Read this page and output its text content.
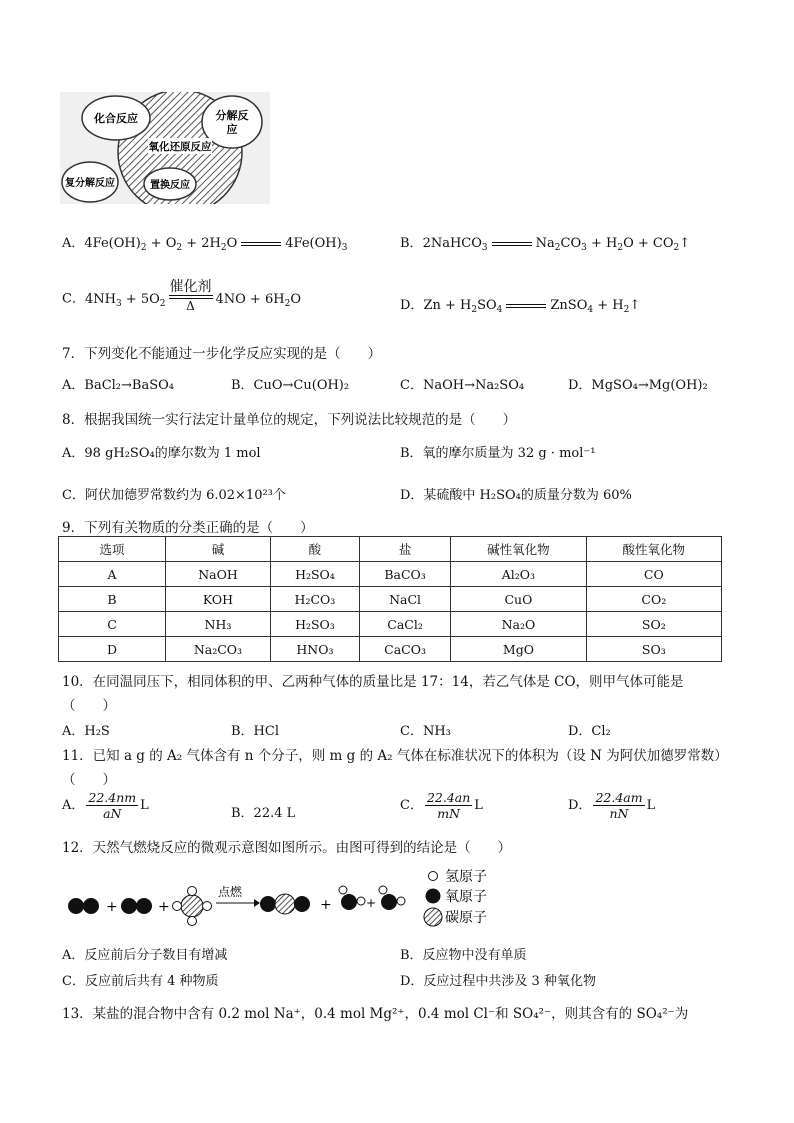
化合反应	分解反应
氧化还原反应
复分解反应	置换反应
A．$4Fe(OH)_2 + O_2 + 2H_2O$	$4Fe(OH)_3$	B．2NaHCO$_3$	$Na_2CO_3 + H_2O$ + $CO_2↑$
C．$4NH_3 + 5O_2$
催化剂
Δ	$4NO + 6H_2O$	D．$Zn + H_2SO_4$	ZnSO$_4$ + $H_2↑$
7．下列变化不能通过一步化学反应实现的是（　　）
A．BaCl₂→BaSO₄	B．CuO→Cu(OH)₂	C．NaOH→Na₂SO₄	D．MgSO₄→Mg(OH)₂
8．根据我国统一实行法定计量单位的规定，下列说法比较规范的是（　　）
A．98 gH₂SO₄的摩尔数为 1 mol	B．氧的摩尔质量为 32 g · mol⁻¹
C．阿伏加德罗常数约为 6.02×10²³个	D．某硫酸中 H₂SO₄的质量分数为 60%
9．下列有关物质的分类正确的是（　　）
选项	碱	酸	盐	碱性氧化物	酸性氧化物
A	NaOH	H₂SO₄	BaCO₃	Al₂O₃	CO
B	KOH	H₂CO₃	NaCl	CuO	CO₂
C	NH₃	H₂SO₃	CaCl₂	Na₂O	SO₂
D	Na₂CO₃	HNO₃	CaCO₃	MgO	SO₃
10．在同温同压下，相同体积的甲、乙两种气体的质量比是 17：14，若乙气体是 CO，则甲气体可能是
（　　）
A．H₂S	B．HCl	C．NH₃	D．Cl₂
11．已知 a g 的 A₂ 气体含有 n 个分子，则 m g 的 A₂ 气体在标准状况下的体积为（设 N 为阿伏加德罗常数）
（　　）
A． $\frac{22.4nm}{aN}$ L
B．22.4 L
C． $\frac{22.4an}{mN}$ L	D． $\frac{22.4am}{nN}$ L
12．天然气燃烧反应的微观示意图如图所示。由图可得到的结论是（　　）
+	+
点燃
+	+
氢原子
氧原子
碳原子
A．反应前后分子数目有增减	B．反应物中没有单质
C．反应前后共有 4 种物质	D．反应过程中共涉及 3 种氧化物
13．某盐的混合物中含有 0.2 mol Na⁺，0.4 mol Mg²⁺，0.4 mol Cl⁻和 SO₄²⁻，则其含有的 SO₄²⁻为
